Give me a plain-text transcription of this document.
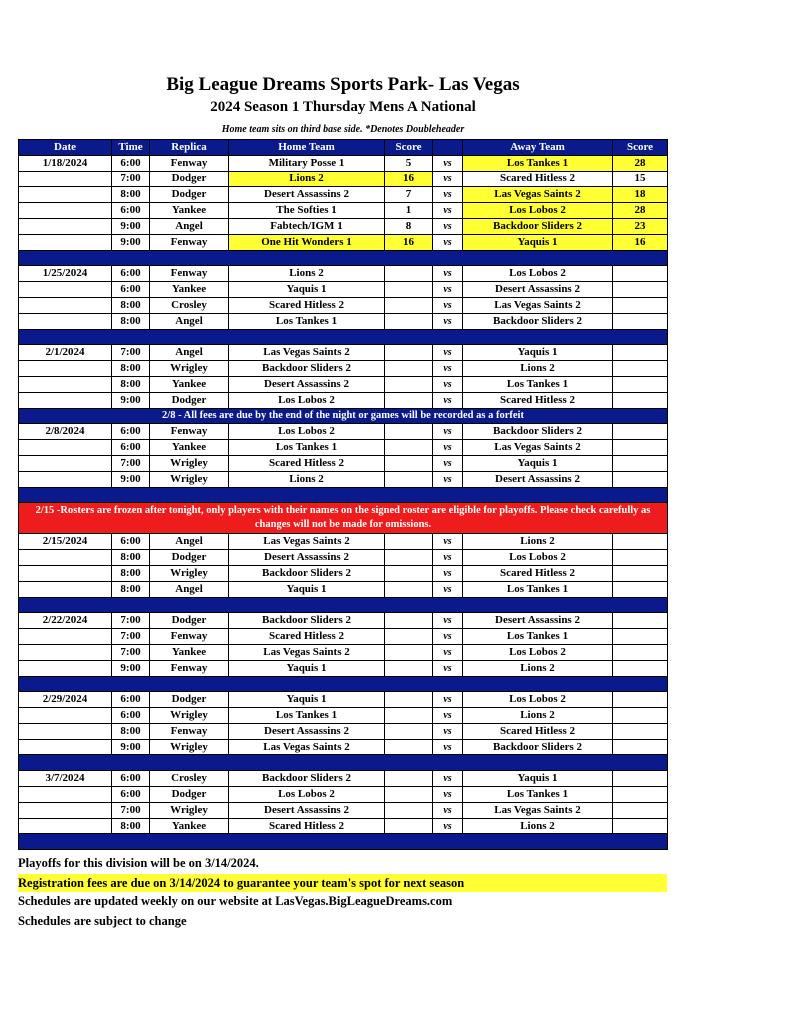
Big League Dreams Sports Park- Las Vegas
2024 Season 1 Thursday Mens A National

Home team sits on third base side. *Denotes Doubleheader

Date	Time	Replica	Home Team	Score		Away Team	Score
1/18/2024	6:00	Fenway	Military Posse 1	5	vs	Los Tankes 1	28
	7:00	Dodger	Lions 2	16	vs	Scared Hitless 2	15
	8:00	Dodger	Desert Assassins 2	7	vs	Las Vegas Saints 2	18
	6:00	Yankee	The Softies 1	1	vs	Los Lobos 2	28
	9:00	Angel	Fabtech/IGM 1	8	vs	Backdoor Sliders 2	23
	9:00	Fenway	One Hit Wonders 1	16	vs	Yaquis 1	16

1/25/2024	6:00	Fenway	Lions 2		vs	Los Lobos 2	
	6:00	Yankee	Yaquis 1		vs	Desert Assassins 2	
	8:00	Crosley	Scared Hitless 2		vs	Las Vegas Saints 2	
	8:00	Angel	Los Tankes 1		vs	Backdoor Sliders 2	

2/1/2024	7:00	Angel	Las Vegas Saints 2		vs	Yaquis 1	
	8:00	Wrigley	Backdoor Sliders 2		vs	Lions 2	
	8:00	Yankee	Desert Assassins 2		vs	Los Tankes 1	
	9:00	Dodger	Los Lobos 2		vs	Scared Hitless 2	
2/8 - All fees are due by the end of the night or games will be recorded as a forfeit							
2/8/2024	6:00	Fenway	Los Lobos 2		vs	Backdoor Sliders 2	
	6:00	Yankee	Los Tankes 1		vs	Las Vegas Saints 2	
	7:00	Wrigley	Scared Hitless 2		vs	Yaquis 1	
	9:00	Wrigley	Lions 2		vs	Desert Assassins 2	

2/15 -Rosters are frozen after tonight, only players with their names on the signed roster are eligible for playoffs. Please check carefully as changes will not be made for omissions.							
2/15/2024	6:00	Angel	Las Vegas Saints 2		vs	Lions 2	
	8:00	Dodger	Desert Assassins 2		vs	Los Lobos 2	
	8:00	Wrigley	Backdoor Sliders 2		vs	Scared Hitless 2	
	8:00	Angel	Yaquis 1		vs	Los Tankes 1	

2/22/2024	7:00	Dodger	Backdoor Sliders 2		vs	Desert Assassins 2	
	7:00	Fenway	Scared Hitless 2		vs	Los Tankes 1	
	7:00	Yankee	Las Vegas Saints 2		vs	Los Lobos 2	
	9:00	Fenway	Yaquis 1		vs	Lions 2	

2/29/2024	6:00	Dodger	Yaquis 1		vs	Los Lobos 2	
	6:00	Wrigley	Los Tankes 1		vs	Lions 2	
	8:00	Fenway	Desert Assassins 2		vs	Scared Hitless 2	
	9:00	Wrigley	Las Vegas Saints 2		vs	Backdoor Sliders 2	

3/7/2024	6:00	Crosley	Backdoor Sliders 2		vs	Yaquis 1	
	6:00	Dodger	Los Lobos 2		vs	Los Tankes 1	
	7:00	Wrigley	Desert Assassins 2		vs	Las Vegas Saints 2	
	8:00	Yankee	Scared Hitless 2		vs	Lions 2	

Playoffs for this division will be on 3/14/2024.

Registration fees are due on 3/14/2024 to guarantee your team's spot for next season

Schedules are updated weekly on our website at LasVegas.BigLeagueDreams.com

Schedules are subject to change
